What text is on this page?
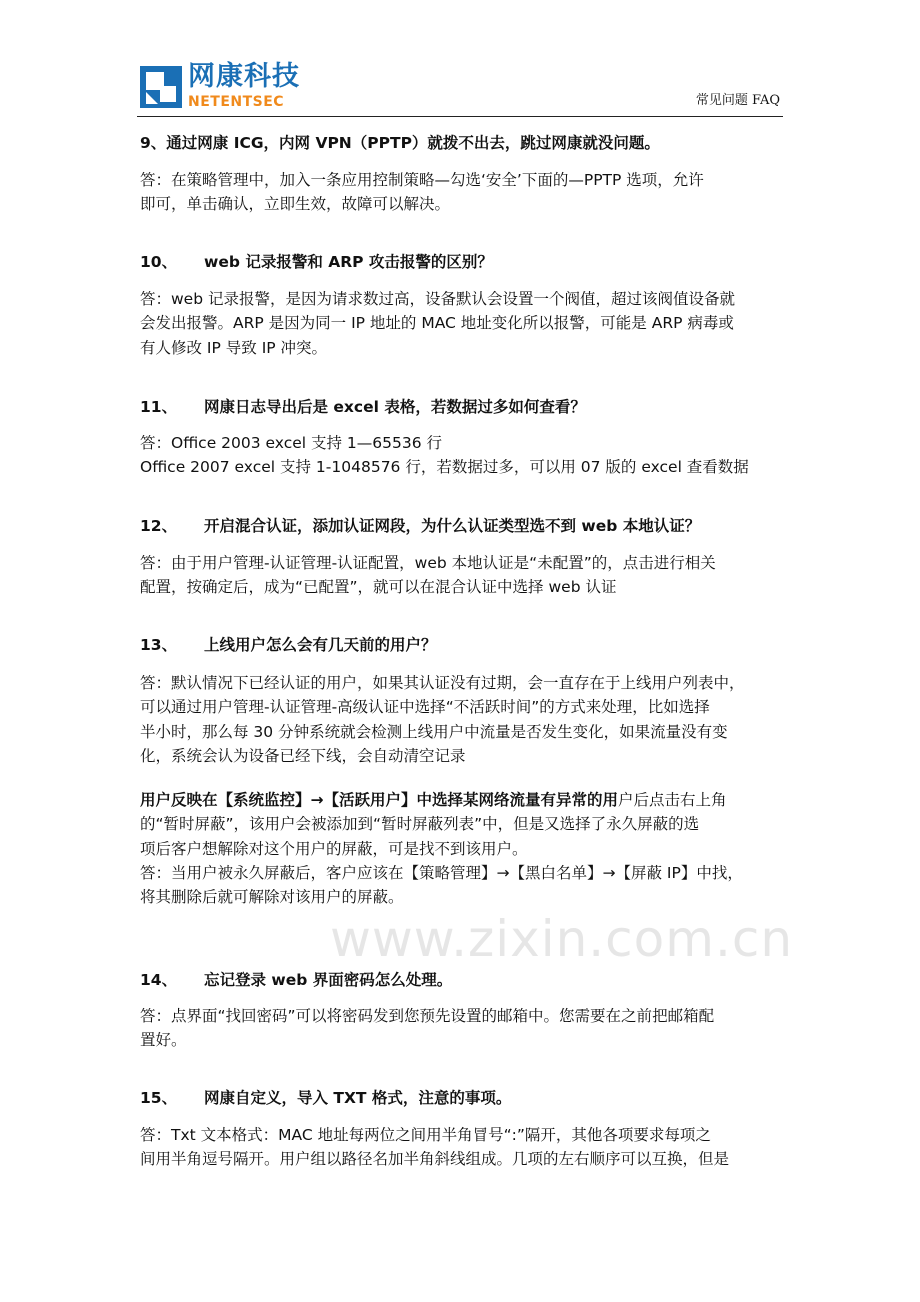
网康科技
NETENTSEC	常见问题 FAQ
www.zixin.com.cn
9、通过网康 ICG，内网 VPN（PPTP）就拨不出去，跳过网康就没问题。
答：在策略管理中，加入一条应用控制策略—勾选‘安全’下面的—PPTP 选项，允许
即可，单击确认，立即生效，故障可以解决。
10、 web 记录报警和 ARP 攻击报警的区别？
答：web 记录报警，是因为请求数过高，设备默认会设置一个阀值，超过该阀值设备就
会发出报警。ARP 是因为同一 IP 地址的 MAC 地址变化所以报警，可能是 ARP 病毒或
有人修改 IP 导致 IP 冲突。
11、 网康日志导出后是 excel 表格，若数据过多如何查看？
答：Office 2003 excel 支持 1—65536 行
Office 2007 excel 支持 1-1048576 行，若数据过多，可以用 07 版的 excel 查看数据
12、 开启混合认证，添加认证网段，为什么认证类型选不到 web 本地认证？
答：由于用户管理-认证管理-认证配置，web 本地认证是“未配置”的，点击进行相关
配置，按确定后，成为“已配置”，就可以在混合认证中选择 web 认证
13、 上线用户怎么会有几天前的用户？
答：默认情况下已经认证的用户，如果其认证没有过期，会一直存在于上线用户列表中，
可以通过用户管理-认证管理-高级认证中选择“不活跃时间”的方式来处理，比如选择
半小时，那么每 30 分钟系统就会检测上线用户中流量是否发生变化，如果流量没有变
化，系统会认为设备已经下线，会自动清空记录
用户反映在【系统监控】→【活跃用户】中选择某网络流量有异常的用户后点击右上角
的“暂时屏蔽”，该用户会被添加到“暂时屏蔽列表”中，但是又选择了永久屏蔽的选
项后客户想解除对这个用户的屏蔽，可是找不到该用户。
答：当用户被永久屏蔽后，客户应该在【策略管理】→【黑白名单】→【屏蔽 IP】中找，
将其删除后就可解除对该用户的屏蔽。
14、 忘记登录 web 界面密码怎么处理。
答：点界面“找回密码”可以将密码发到您预先设置的邮箱中。您需要在之前把邮箱配
置好。
15、 网康自定义，导入 TXT 格式，注意的事项。
答：Txt 文本格式：MAC 地址每两位之间用半角冒号“:”隔开，其他各项要求每项之
间用半角逗号隔开。用户组以路径名加半角斜线组成。几项的左右顺序可以互换，但是
